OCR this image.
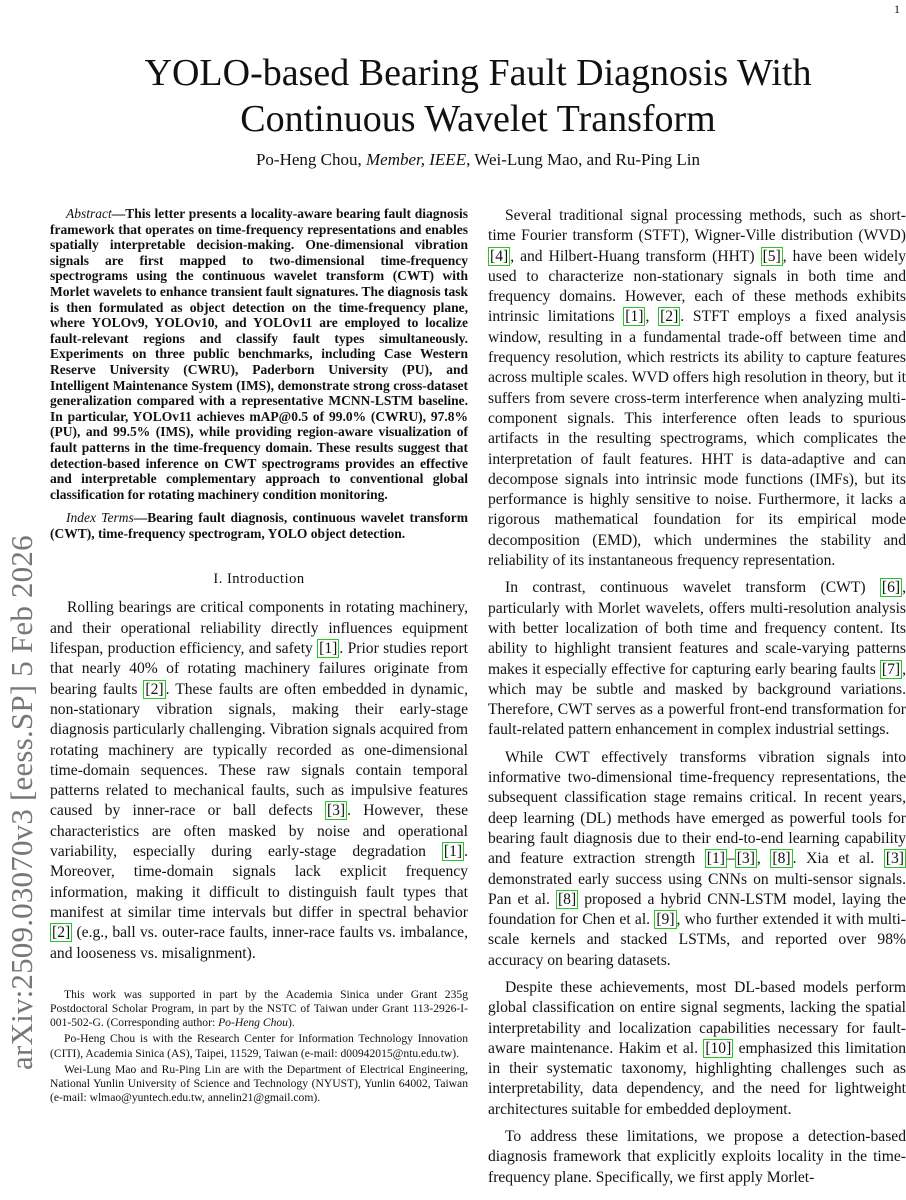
1
arXiv:2509.03070v3 [eess.SP] 5 Feb 2026
YOLO-based Bearing Fault Diagnosis With
Continuous Wavelet Transform
Po-Heng Chou, Member, IEEE, Wei-Lung Mao, and Ru-Ping Lin

Abstract—This letter presents a locality-aware bearing fault diagnosis framework that operates on time-frequency representations and enables spatially interpretable decision-making. One-dimensional vibration signals are first mapped to two-dimensional time-frequency spectrograms using the continuous wavelet transform (CWT) with Morlet wavelets to enhance transient fault signatures. The diagnosis task is then formulated as object detection on the time-frequency plane, where YOLOv9, YOLOv10, and YOLOv11 are employed to localize fault-relevant regions and classify fault types simultaneously. Experiments on three public benchmarks, including Case Western Reserve University (CWRU), Paderborn University (PU), and Intelligent Maintenance System (IMS), demonstrate strong cross-dataset generalization compared with a representative MCNN-LSTM baseline. In particular, YOLOv11 achieves mAP@0.5 of 99.0% (CWRU), 97.8% (PU), and 99.5% (IMS), while providing region-aware visualization of fault patterns in the time-frequency domain. These results suggest that detection-based inference on CWT spectrograms provides an effective and interpretable complementary approach to conventional global classification for rotating machinery condition monitoring.

Index Terms—Bearing fault diagnosis, continuous wavelet transform (CWT), time-frequency spectrogram, YOLO object detection.

I. Introduction

Rolling bearings are critical components in rotating machinery, and their operational reliability directly influences equipment lifespan, production efficiency, and safety [1] . Prior studies report that nearly 40% of rotating machinery failures originate from bearing faults [2] . These faults are often embedded in dynamic, non-stationary vibration signals, making their early-stage diagnosis particularly challenging. Vibration signals acquired from rotating machinery are typically recorded as one-dimensional time-domain sequences. These raw signals contain temporal patterns related to mechanical faults, such as impulsive features caused by inner-race or ball defects [3] . However, these characteristics are often masked by noise and operational variability, especially during early-stage degradation [1] . Moreover, time-domain signals lack explicit frequency information, making it difficult to distinguish fault types that manifest at similar time intervals but differ in spectral behavior [2] (e.g., ball vs. outer-race faults, inner-race faults vs. imbalance, and looseness vs. misalignment).

This work was supported in part by the Academia Sinica under Grant 235g Postdoctoral Scholar Program, in part by the NSTC of Taiwan under Grant 113-2926-I-001-502-G. (Corresponding author: Po-Heng Chou).

Po-Heng Chou is with the Research Center for Information Technology Innovation (CITI), Academia Sinica (AS), Taipei, 11529, Taiwan (e-mail: d00942015@ntu.edu.tw).

Wei-Lung Mao and Ru-Ping Lin are with the Department of Electrical Engineering, National Yunlin University of Science and Technology (NYUST), Yunlin 64002, Taiwan (e-mail: wlmao@yuntech.edu.tw, annelin21@gmail.com).

Several traditional signal processing methods, such as short-time Fourier transform (STFT), Wigner-Ville distribution (WVD) [4] , and Hilbert-Huang transform (HHT) [5] , have been widely used to characterize non-stationary signals in both time and frequency domains. However, each of these methods exhibits intrinsic limitations [1] , [2] . STFT employs a fixed analysis window, resulting in a fundamental trade-off between time and frequency resolution, which restricts its ability to capture features across multiple scales. WVD offers high resolution in theory, but it suffers from severe cross-term interference when analyzing multi-component signals. This interference often leads to spurious artifacts in the resulting spectrograms, which complicates the interpretation of fault features. HHT is data-adaptive and can decompose signals into intrinsic mode functions (IMFs), but its performance is highly sensitive to noise. Furthermore, it lacks a rigorous mathematical foundation for its empirical mode decomposition (EMD), which undermines the stability and reliability of its instantaneous frequency representation.

In contrast, continuous wavelet transform (CWT) [6] , particularly with Morlet wavelets, offers multi-resolution analysis with better localization of both time and frequency content. Its ability to highlight transient features and scale-varying patterns makes it especially effective for capturing early bearing faults [7] , which may be subtle and masked by background variations. Therefore, CWT serves as a powerful front-end transformation for fault-related pattern enhancement in complex industrial settings.

While CWT effectively transforms vibration signals into informative two-dimensional time-frequency representations, the subsequent classification stage remains critical. In recent years, deep learning (DL) methods have emerged as powerful tools for bearing fault diagnosis due to their end-to-end learning capability and feature extraction strength [1] – [3] , [8] . Xia et al. [3] demonstrated early success using CNNs on multi-sensor signals. Pan et al. [8] proposed a hybrid CNN-LSTM model, laying the foundation for Chen et al. [9] , who further extended it with multi-scale kernels and stacked LSTMs, and reported over 98% accuracy on bearing datasets.

Despite these achievements, most DL-based models perform global classification on entire signal segments, lacking the spatial interpretability and localization capabilities necessary for fault-aware maintenance. Hakim et al. [10] emphasized this limitation in their systematic taxonomy, highlighting challenges such as interpretability, data dependency, and the need for lightweight architectures suitable for embedded deployment.

To address these limitations, we propose a detection-based diagnosis framework that explicitly exploits locality in the time-frequency plane. Specifically, we first apply Morlet-
